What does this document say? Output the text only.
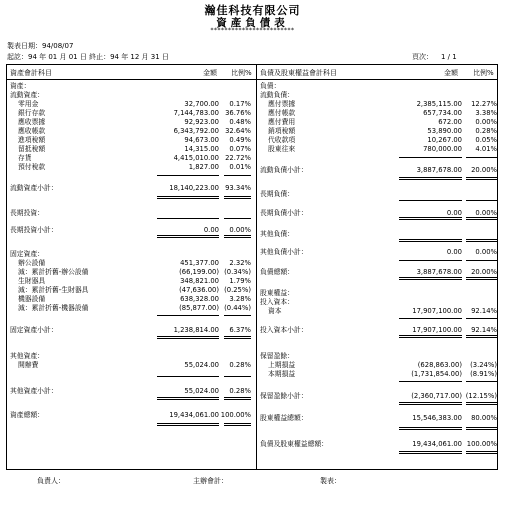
瀚佳科技有限公司
資產負債表
************************
製表日期：94/08/07
起訖：94 年 01 月 01 日 終止：94 年 12 月 31 日	頁次： 1 / 1
資產會計科目	金額 比例% 負債及股東權益會計科目	金額 比例%
資產：
流動資產：
零用金	32,700.00 0.17%
銀行存款	7,144,783.00 36.76%
應收票據	92,923.00 0.48%
應收帳款	6,343,792.00 32.64%
進項稅額	94,673.00 0.49%
留抵稅額	14,315.00 0.07%
存貨	4,415,010.00 22.72%
預付稅款	1,827.00 0.01%
流動資產小計：	18,140,223.00 93.34%
長期投資：
長期投資小計：	0.00 0.00%
固定資產：
辦公設備	451,377.00 2.32%
減：累計折舊-辦公設備	(66,199.00) (0.34%)
生財器具	348,821.00 1.79%
減：累計折舊-生財器具	(47,636.00) (0.25%)
機器設備	638,328.00 3.28%
減：累計折舊-機器設備	(85,877.00) (0.44%)
固定資產小計：	1,238,814.00 6.37%
其他資產：
開辦費	55,024.00 0.28%
其他資產小計：	55,024.00 0.28%
資產總額：	19,434,061.00 100.00%
負債：
流動負債：
應付票據	2,385,115.00 12.27%
應付帳款	657,734.00 3.38%
應付費用	672.00 0.00%
銷項稅額	53,890.00 0.28%
代收款項	10,267.00 0.05%
股東往來	780,000.00 4.01%
流動負債小計：	3,887,678.00 20.00%
長期負債：
長期負債小計：	0.00 0.00%
其他負債：
其他負債小計：	0.00 0.00%
負債總額：	3,887,678.00 20.00%
股東權益：
投入資本：
資本	17,907,100.00 92.14%
投入資本小計：	17,907,100.00 92.14%
保留盈餘：
上期損益	(628,863.00) (3.24%)
本期損益	(1,731,854.00) (8.91%)
保留盈餘小計：	(2,360,717.00) (12.15%)
股東權益總額：	15,546,383.00 80.00%
負債及股東權益總額：	19,434,061.00 100.00%
負責人：	主辦會計：	製表：
